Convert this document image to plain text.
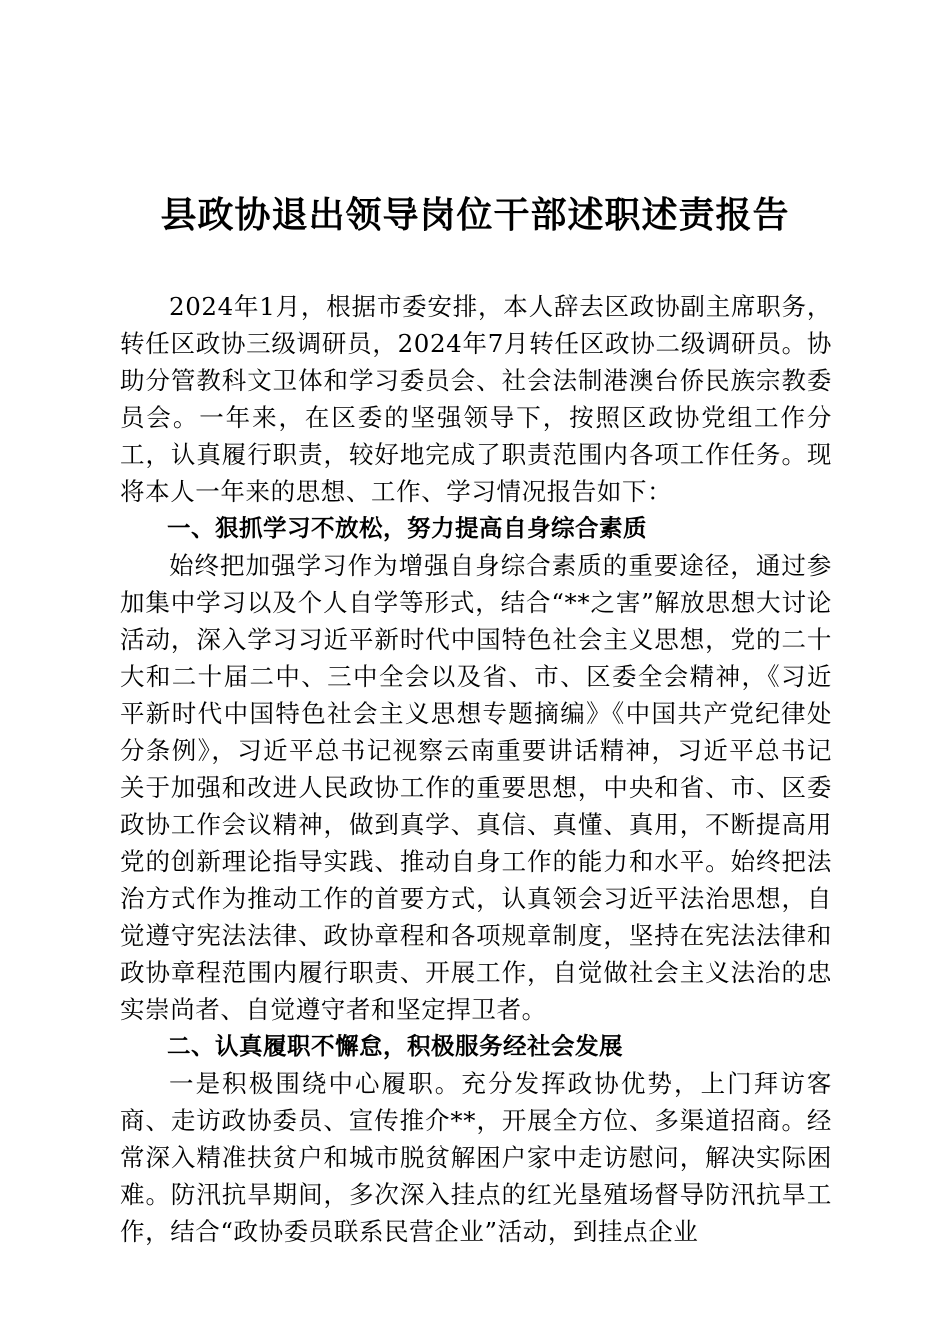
县政协退出领导岗位干部述职述责报告

2024年1月，根据市委安排，本人辞去区政协副主席职务，转任区政协三级调研员，2024年7月转任区政协二级调研员。协助分管教科文卫体和学习委员会、社会法制港澳台侨民族宗教委员会。一年来，在区委的坚强领导下，按照区政协党组工作分工，认真履行职责，较好地完成了职责范围内各项工作任务。现将本人一年来的思想、工作、学习情况报告如下：

一、狠抓学习不放松，努力提高自身综合素质

始终把加强学习作为增强自身综合素质的重要途径，通过参加集中学习以及个人自学等形式，结合“**之害”解放思想大讨论活动，深入学习习近平新时代中国特色社会主义思想，党的二十大和二十届二中、三中全会以及省、市、区委全会精神，《习近平新时代中国特色社会主义思想专题摘编》《中国共产党纪律处分条例》，习近平总书记视察云南重要讲话精神，习近平总书记关于加强和改进人民政协工作的重要思想，中央和省、市、区委政协工作会议精神，做到真学、真信、真懂、真用，不断提高用党的创新理论指导实践、推动自身工作的能力和水平。始终把法治方式作为推动工作的首要方式，认真领会习近平法治思想，自觉遵守宪法法律、政协章程和各项规章制度，坚持在宪法法律和政协章程范围内履行职责、开展工作，自觉做社会主义法治的忠实崇尚者、自觉遵守者和坚定捍卫者。

二、认真履职不懈怠，积极服务经社会发展

一是积极围绕中心履职。充分发挥政协优势，上门拜访客商、走访政协委员、宣传推介**，开展全方位、多渠道招商。经常深入精准扶贫户和城市脱贫解困户家中走访慰问，解决实际困难。防汛抗旱期间，多次深入挂点的红光垦殖场督导防汛抗旱工作，结合“政协委员联系民营企业”活动，到挂点企业
